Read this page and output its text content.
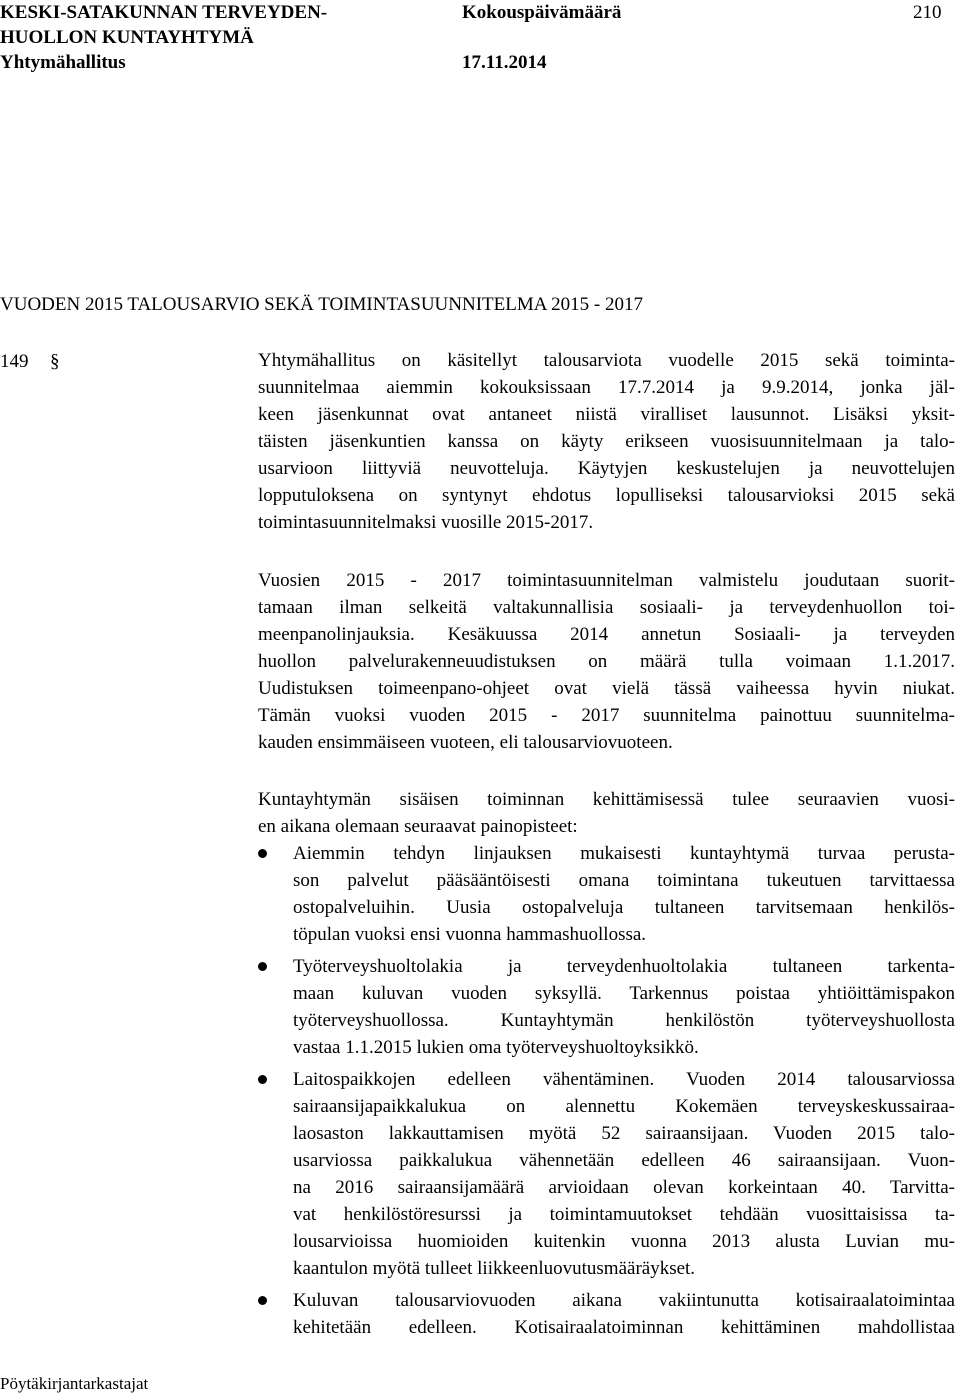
KESKI-SATAKUNNAN TERVEYDEN-
HUOLLON KUNTAYHTYMÄ
Yhtymähallitus
Kokouspäivämäärä
17.11.2014
210
VUODEN 2015 TALOUSARVIO SEKÄ TOIMINTASUUNNITELMA 2015 - 2017
149 §	Yhtymähallitus on käsitellyt talousarviota vuodelle 2015 sekä toiminta-
suunnitelmaa aiemmin kokouksissaan 17.7.2014 ja 9.9.2014, jonka jäl-
keen jäsenkunnat ovat antaneet niistä viralliset lausunnot. Lisäksi yksit-
täisten jäsenkuntien kanssa on käyty erikseen vuosisuunnitelmaan ja talo-
usarvioon liittyviä neuvotteluja. Käytyjen keskustelujen ja neuvottelujen
lopputuloksena on syntynyt ehdotus lopulliseksi talousarvioksi 2015 sekä
toimintasuunnitelmaksi vuosille 2015-2017.
Vuosien 2015 - 2017 toimintasuunnitelman valmistelu joudutaan suorit-
tamaan ilman selkeitä valtakunnallisia sosiaali- ja terveydenhuollon toi-
meenpanolinjauksia. Kesäkuussa 2014 annetun Sosiaali- ja terveyden
huollon palvelurakenneuudistuksen on määrä tulla voimaan 1.1.2017.
Uudistuksen toimeenpano-ohjeet ovat vielä tässä vaiheessa hyvin niukat.
Tämän vuoksi vuoden 2015 - 2017 suunnitelma painottuu suunnitelma-
kauden ensimmäiseen vuoteen, eli talousarviovuoteen.
Kuntayhtymän sisäisen toiminnan kehittämisessä tulee seuraavien vuosi-
en aikana olemaan seuraavat painopisteet:
Aiemmin tehdyn linjauksen mukaisesti kuntayhtymä turvaa perusta-
son palvelut pääsääntöisesti omana toimintana tukeutuen tarvittaessa
ostopalveluihin. Uusia ostopalveluja tultaneen tarvitsemaan henkilös-
töpulan vuoksi ensi vuonna hammashuollossa.
Työterveyshuoltolakia ja terveydenhuoltolakia tultaneen tarkenta-
maan kuluvan vuoden syksyllä. Tarkennus poistaa yhtiöittämispakon
työterveyshuollossa. Kuntayhtymän henkilöstön työterveyshuollosta
vastaa 1.1.2015 lukien oma työterveyshuoltoyksikkö.
Laitospaikkojen edelleen vähentäminen. Vuoden 2014 talousarviossa
sairaansijapaikkalukua on alennettu Kokemäen terveyskeskussairaa-
laosaston lakkauttamisen myötä 52 sairaansijaan. Vuoden 2015 talo-
usarviossa paikkalukua vähennetään edelleen 46 sairaansijaan. Vuon-
na 2016 sairaansijamäärä arvioidaan olevan korkeintaan 40. Tarvitta-
vat henkilöstöresurssi ja toimintamuutokset tehdään vuosittaisissa ta-
lousarvioissa huomioiden kuitenkin vuonna 2013 alusta Luvian mu-
kaantulon myötä tulleet liikkeenluovutusmääräykset.
Kuluvan talousarviovuoden aikana vakiintunutta kotisairaalatoimintaa
kehitetään edelleen. Kotisairaalatoiminnan kehittäminen mahdollistaa
Pöytäkirjantarkastajat
